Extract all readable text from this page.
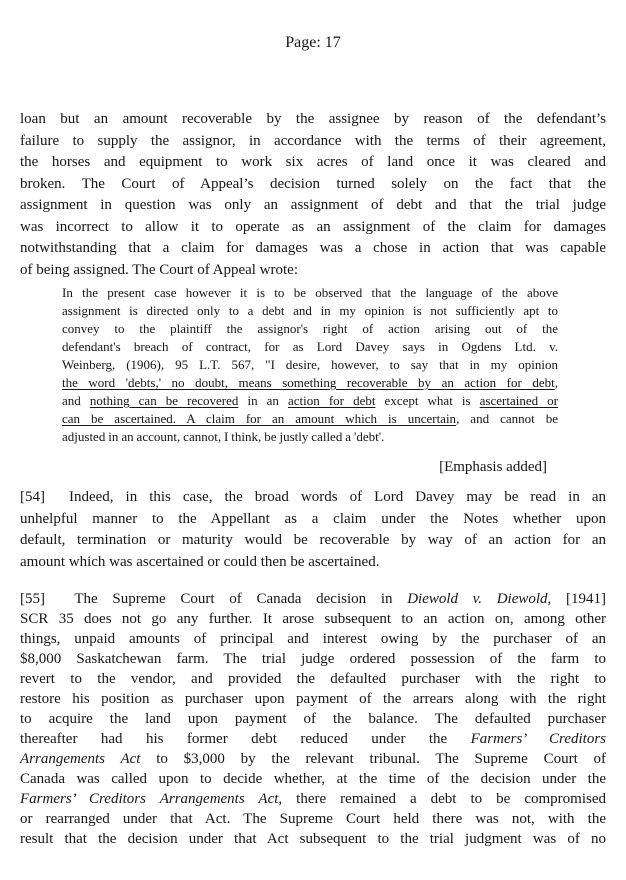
Page: 17
loan but an amount recoverable by the assignee by reason of the defendant’s
failure to supply the assignor, in accordance with the terms of their agreement,
the horses and equipment to work six acres of land once it was cleared and
broken. The Court of Appeal’s decision turned solely on the fact that the
assignment in question was only an assignment of debt and that the trial judge
was incorrect to allow it to operate as an assignment of the claim for damages
notwithstanding that a claim for damages was a chose in action that was capable
of being assigned. The Court of Appeal wrote:
In the present case however it is to be observed that the language of the above
assignment is directed only to a debt and in my opinion is not sufficiently apt to
convey to the plaintiff the assignor's right of action arising out of the
defendant's breach of contract, for as Lord Davey says in Ogdens Ltd. v.
Weinberg, (1906), 95 L.T. 567, "I desire, however, to say that in my opinion
the word 'debts,' no doubt, means something recoverable by an action for debt,
and nothing can be recovered in an action for debt except what is ascertained or
can be ascertained. A claim for an amount which is uncertain, and cannot be
adjusted in an account, cannot, I think, be justly called a 'debt'.
[Emphasis added]
[54]  Indeed, in this case, the broad words of Lord Davey may be read in an
unhelpful manner to the Appellant as a claim under the Notes whether upon
default, termination or maturity would be recoverable by way of an action for an
amount which was ascertained or could then be ascertained.
[55]  The Supreme Court of Canada decision in Diewold v. Diewold, [1941]
SCR 35 does not go any further. It arose subsequent to an action on, among other
things, unpaid amounts of principal and interest owing by the purchaser of an
$8,000 Saskatchewan farm. The trial judge ordered possession of the farm to
revert to the vendor, and provided the defaulted purchaser with the right to
restore his position as purchaser upon payment of the arrears along with the right
to acquire the land upon payment of the balance. The defaulted purchaser
thereafter had his former debt reduced under the Farmers’ Creditors
Arrangements Act to $3,000 by the relevant tribunal. The Supreme Court of
Canada was called upon to decide whether, at the time of the decision under the
Farmers’ Creditors Arrangements Act, there remained a debt to be compromised
or rearranged under that Act. The Supreme Court held there was not, with the
result that the decision under that Act subsequent to the trial judgment was of no
